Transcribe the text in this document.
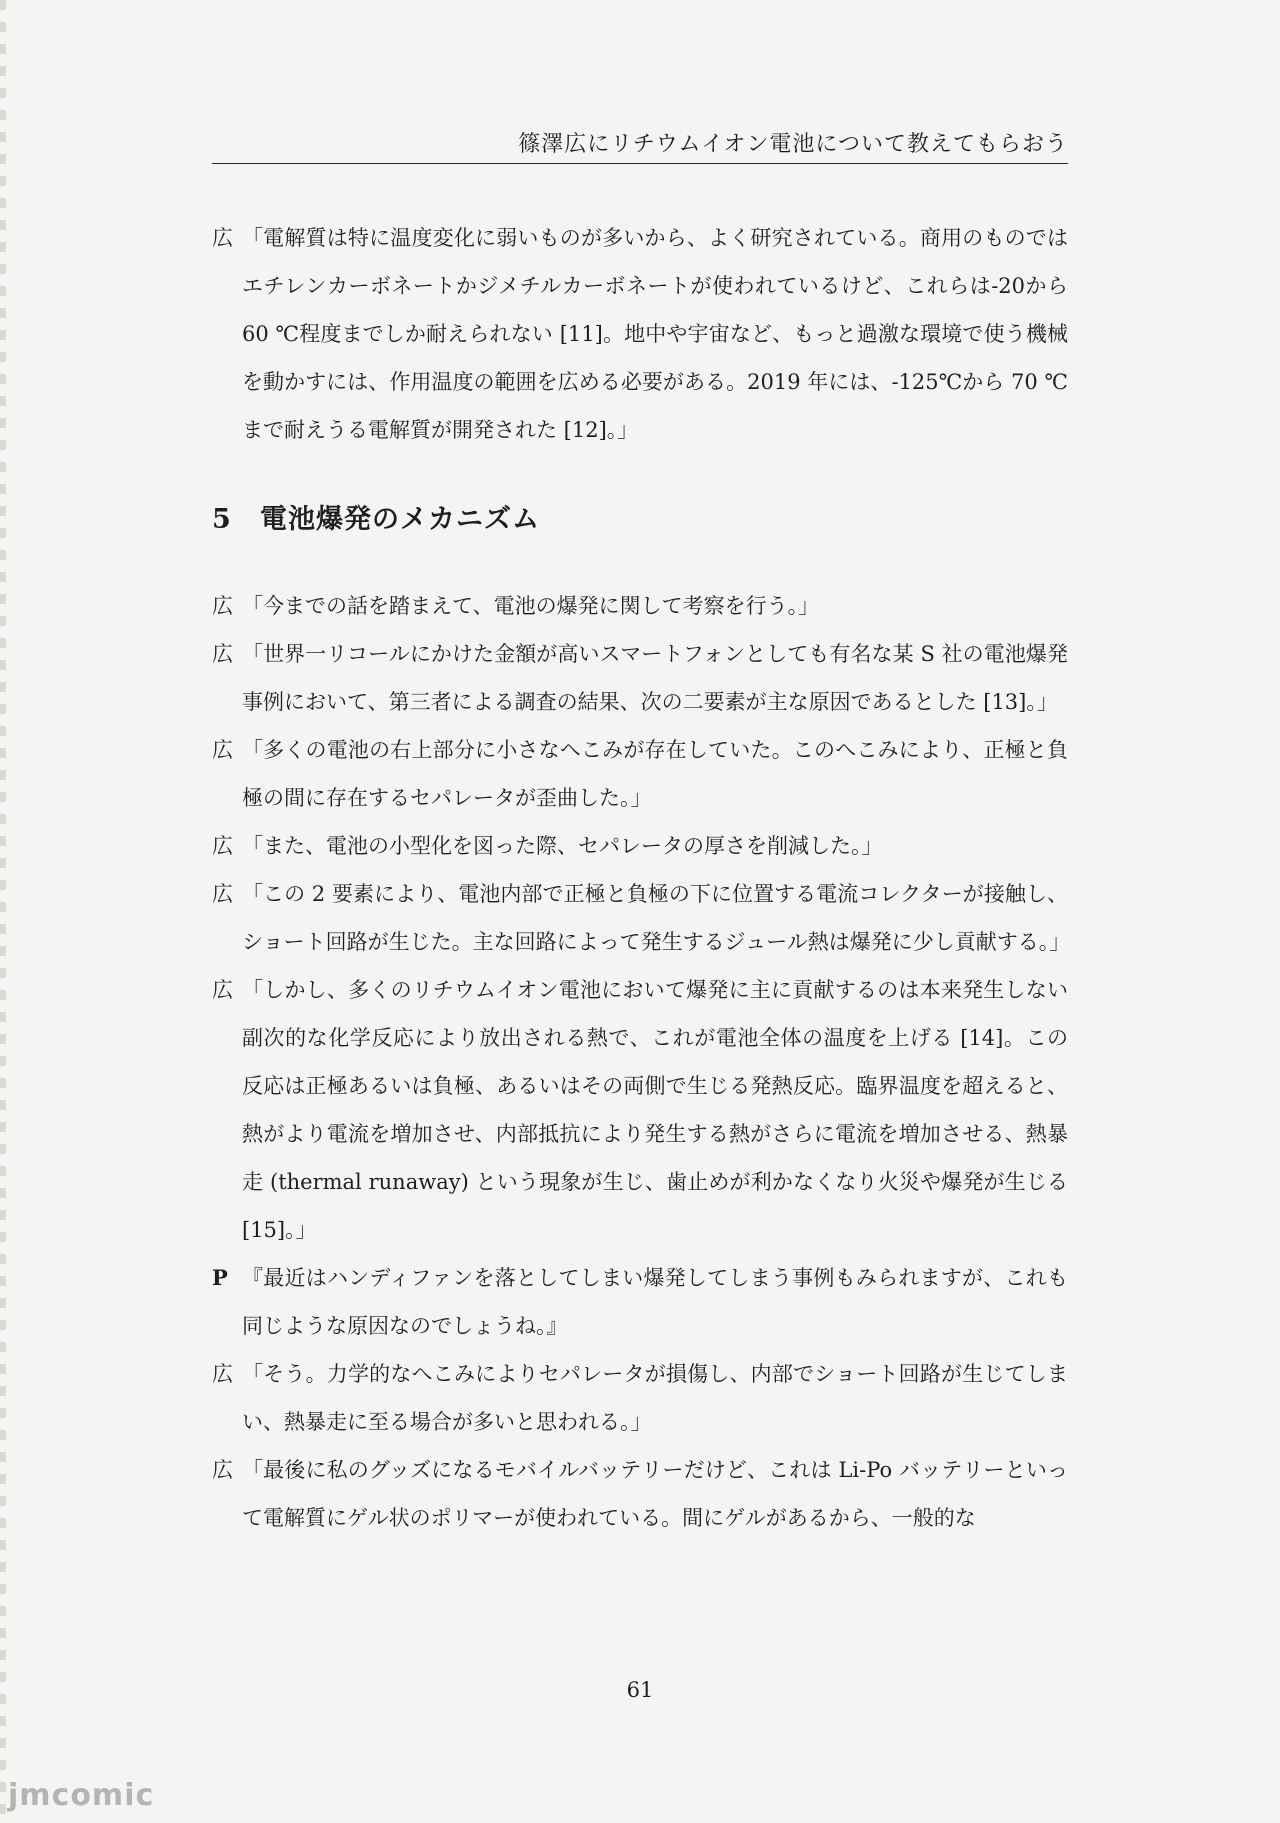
篠澤広にリチウムイオン電池について教えてもらおう

広 「電解質は特に温度変化に弱いものが多いから、よく研究されている。商用のものではエチレンカーボネートかジメチルカーボネートが使われているけど、これらは-20から 60 ℃程度までしか耐えられない [11]。地中や宇宙など、もっと過激な環境で使う機械を動かすには、作用温度の範囲を広める必要がある。2019 年には、-125℃から 70 ℃まで耐えうる電解質が開発された [12]。」

5 電池爆発のメカニズム

広 「今までの話を踏まえて、電池の爆発に関して考察を行う。」

広 「世界一リコールにかけた金額が高いスマートフォンとしても有名な某 S 社の電池爆発事例において、第三者による調査の結果、次の二要素が主な原因であるとした [13]。」

広 「多くの電池の右上部分に小さなへこみが存在していた。このへこみにより、正極と負極の間に存在するセパレータが歪曲した。」

広 「また、電池の小型化を図った際、セパレータの厚さを削減した。」

広 「この 2 要素により、電池内部で正極と負極の下に位置する電流コレクターが接触し、ショート回路が生じた。主な回路によって発生するジュール熱は爆発に少し貢献する。」

広 「しかし、多くのリチウムイオン電池において爆発に主に貢献するのは本来発生しない副次的な化学反応により放出される熱で、これが電池全体の温度を上げる [14]。この反応は正極あるいは負極、あるいはその両側で生じる発熱反応。臨界温度を超えると、熱がより電流を増加させ、内部抵抗により発生する熱がさらに電流を増加させる、熱暴走 (thermal runaway) という現象が生じ、歯止めが利かなくなり火災や爆発が生じる [15]。」

P 『最近はハンディファンを落としてしまい爆発してしまう事例もみられますが、これも同じような原因なのでしょうね。』

広 「そう。力学的なへこみによりセパレータが損傷し、内部でショート回路が生じてしまい、熱暴走に至る場合が多いと思われる。」

広 「最後に私のグッズになるモバイルバッテリーだけど、これは Li-Po バッテリーといって電解質にゲル状のポリマーが使われている。間にゲルがあるから、一般的な

61
jmcomic
